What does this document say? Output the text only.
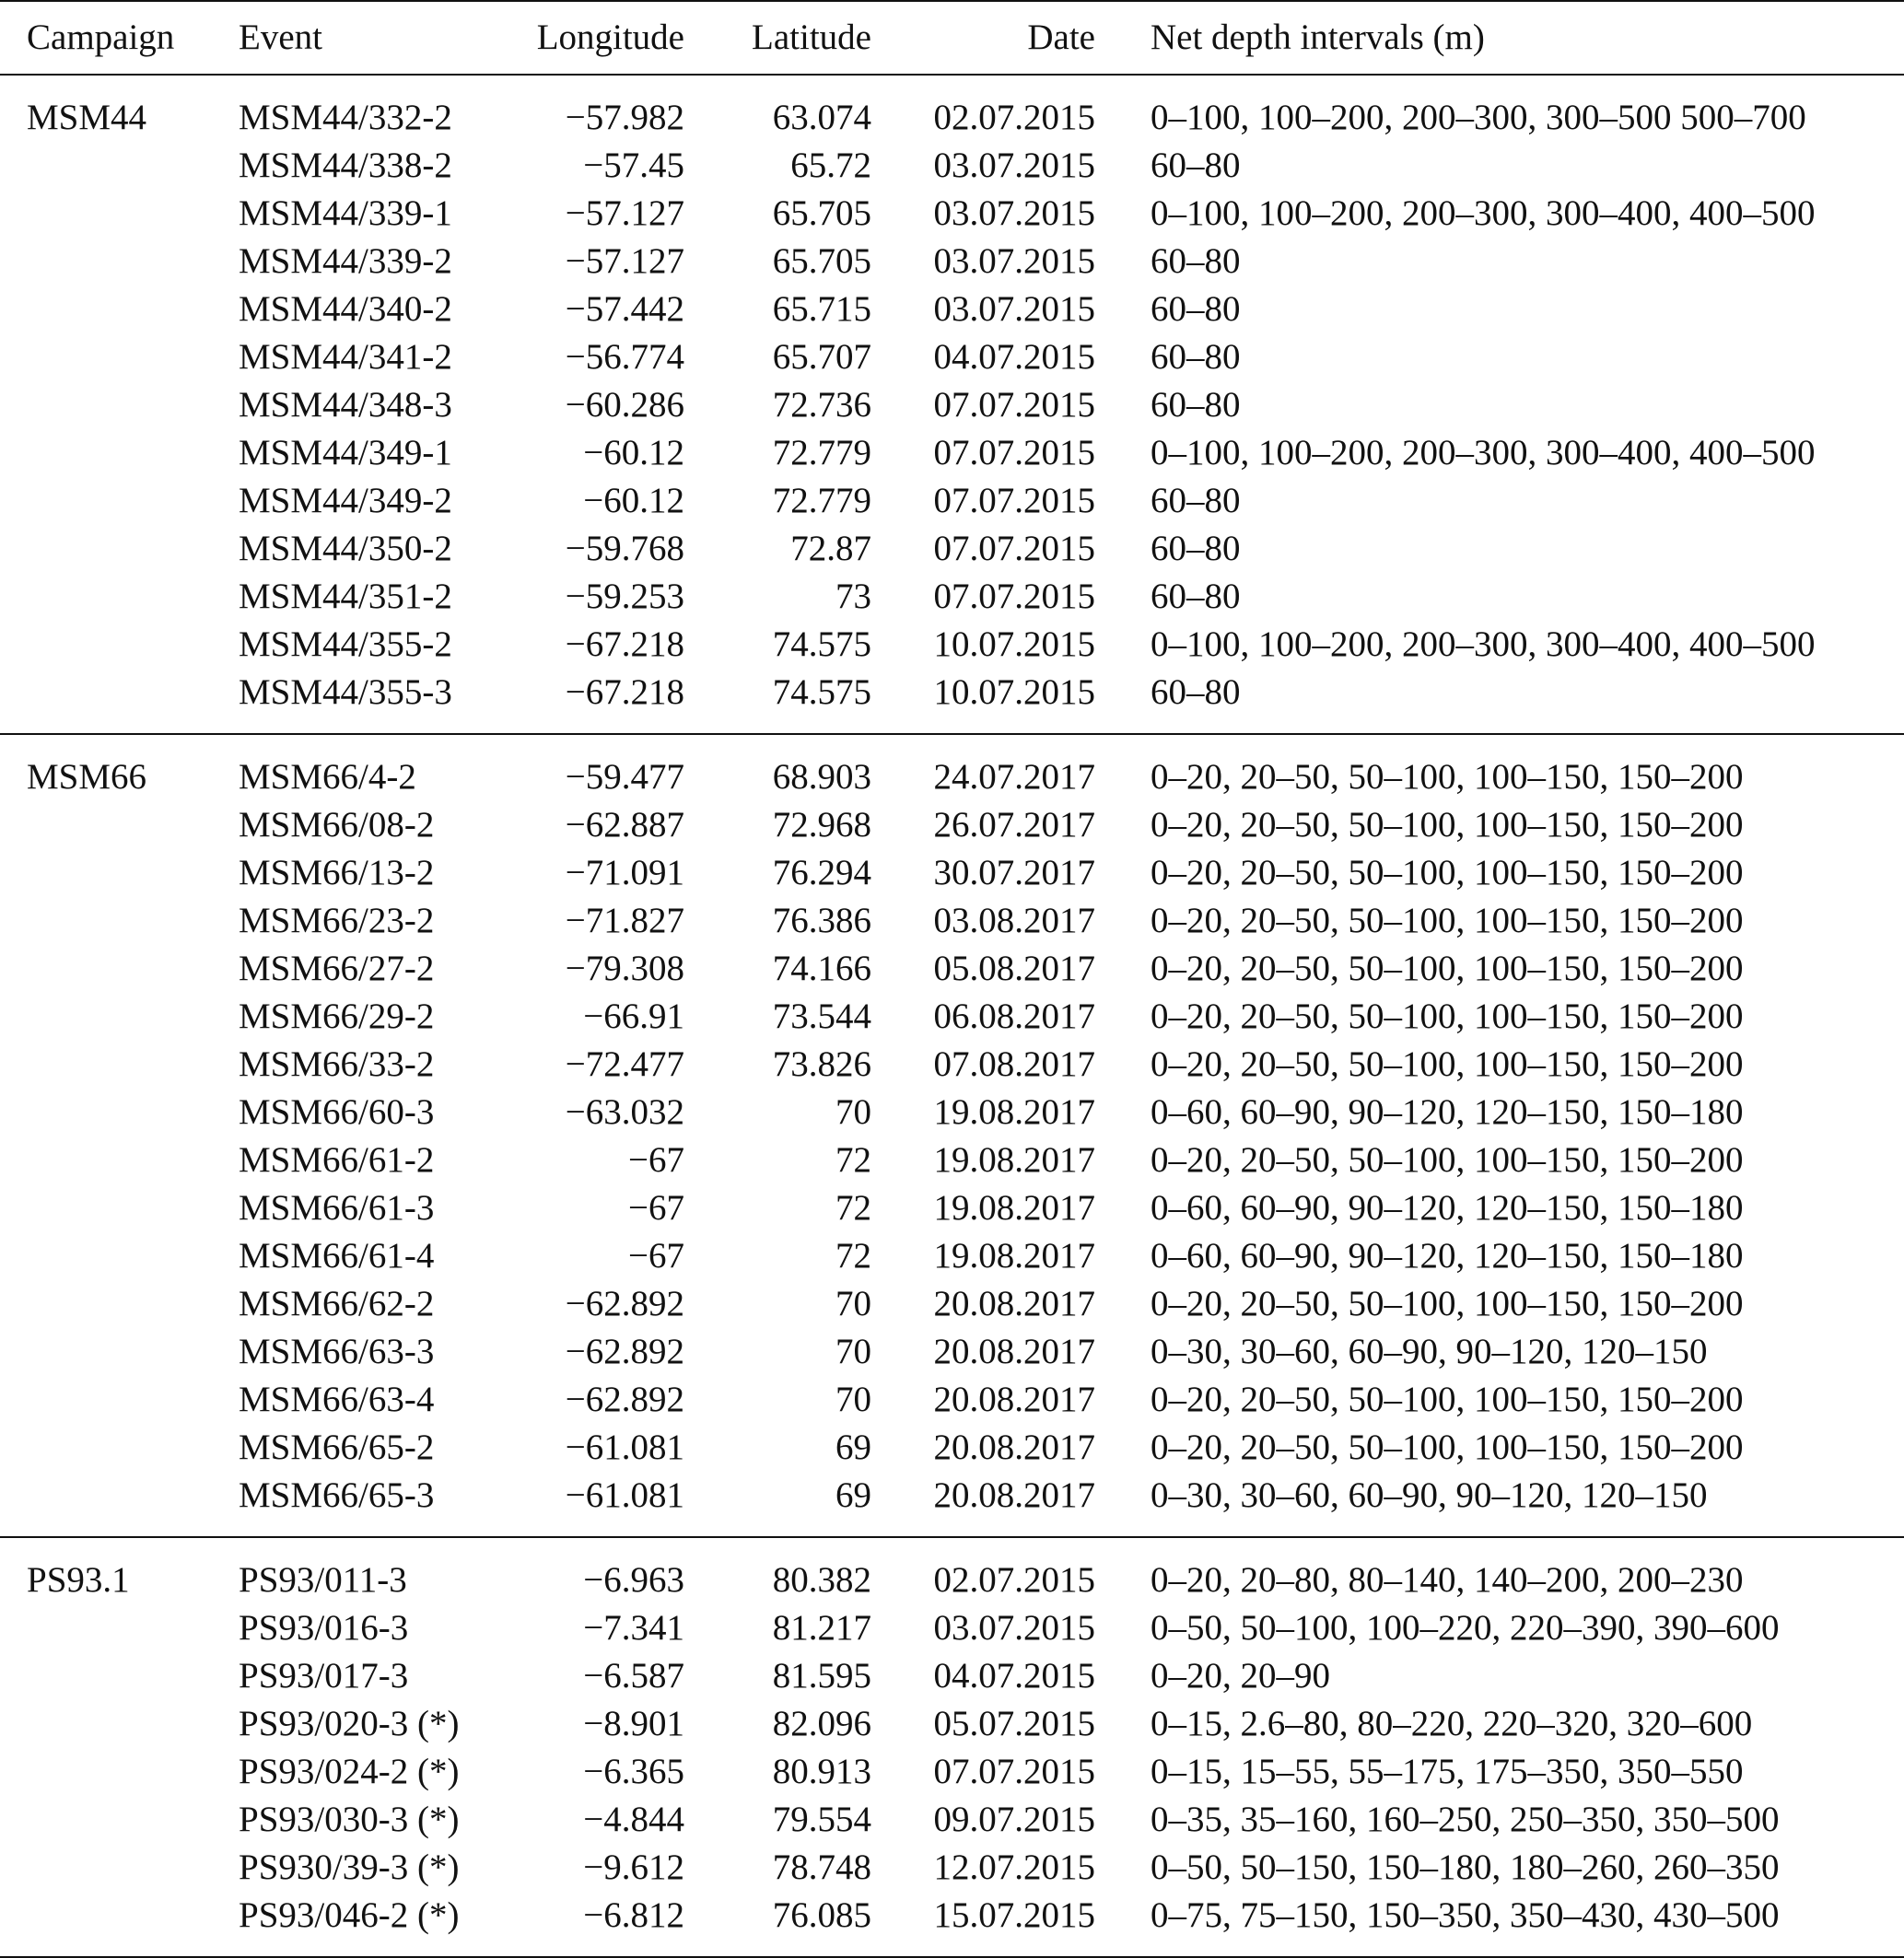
Campaign	Event	Longitude	Latitude	Date	Net depth intervals (m)
MSM44	MSM44/332-2	−57.982	63.074	02.07.2015	0–100, 100–200, 200–300, 300–500 500–700
	MSM44/338-2	−57.45	65.72	03.07.2015	60–80
	MSM44/339-1	−57.127	65.705	03.07.2015	0–100, 100–200, 200–300, 300–400, 400–500
	MSM44/339-2	−57.127	65.705	03.07.2015	60–80
	MSM44/340-2	−57.442	65.715	03.07.2015	60–80
	MSM44/341-2	−56.774	65.707	04.07.2015	60–80
	MSM44/348-3	−60.286	72.736	07.07.2015	60–80
	MSM44/349-1	−60.12	72.779	07.07.2015	0–100, 100–200, 200–300, 300–400, 400–500
	MSM44/349-2	−60.12	72.779	07.07.2015	60–80
	MSM44/350-2	−59.768	72.87	07.07.2015	60–80
	MSM44/351-2	−59.253	73	07.07.2015	60–80
	MSM44/355-2	−67.218	74.575	10.07.2015	0–100, 100–200, 200–300, 300–400, 400–500
	MSM44/355-3	−67.218	74.575	10.07.2015	60–80
MSM66	MSM66/4-2	−59.477	68.903	24.07.2017	0–20, 20–50, 50–100, 100–150, 150–200
	MSM66/08-2	−62.887	72.968	26.07.2017	0–20, 20–50, 50–100, 100–150, 150–200
	MSM66/13-2	−71.091	76.294	30.07.2017	0–20, 20–50, 50–100, 100–150, 150–200
	MSM66/23-2	−71.827	76.386	03.08.2017	0–20, 20–50, 50–100, 100–150, 150–200
	MSM66/27-2	−79.308	74.166	05.08.2017	0–20, 20–50, 50–100, 100–150, 150–200
	MSM66/29-2	−66.91	73.544	06.08.2017	0–20, 20–50, 50–100, 100–150, 150–200
	MSM66/33-2	−72.477	73.826	07.08.2017	0–20, 20–50, 50–100, 100–150, 150–200
	MSM66/60-3	−63.032	70	19.08.2017	0–60, 60–90, 90–120, 120–150, 150–180
	MSM66/61-2	−67	72	19.08.2017	0–20, 20–50, 50–100, 100–150, 150–200
	MSM66/61-3	−67	72	19.08.2017	0–60, 60–90, 90–120, 120–150, 150–180
	MSM66/61-4	−67	72	19.08.2017	0–60, 60–90, 90–120, 120–150, 150–180
	MSM66/62-2	−62.892	70	20.08.2017	0–20, 20–50, 50–100, 100–150, 150–200
	MSM66/63-3	−62.892	70	20.08.2017	0–30, 30–60, 60–90, 90–120, 120–150
	MSM66/63-4	−62.892	70	20.08.2017	0–20, 20–50, 50–100, 100–150, 150–200
	MSM66/65-2	−61.081	69	20.08.2017	0–20, 20–50, 50–100, 100–150, 150–200
	MSM66/65-3	−61.081	69	20.08.2017	0–30, 30–60, 60–90, 90–120, 120–150
PS93.1	PS93/011-3	−6.963	80.382	02.07.2015	0–20, 20–80, 80–140, 140–200, 200–230
	PS93/016-3	−7.341	81.217	03.07.2015	0–50, 50–100, 100–220, 220–390, 390–600
	PS93/017-3	−6.587	81.595	04.07.2015	0–20, 20–90
	PS93/020-3 (*)	−8.901	82.096	05.07.2015	0–15, 2.6–80, 80–220, 220–320, 320–600
	PS93/024-2 (*)	−6.365	80.913	07.07.2015	0–15, 15–55, 55–175, 175–350, 350–550
	PS93/030-3 (*)	−4.844	79.554	09.07.2015	0–35, 35–160, 160–250, 250–350, 350–500
	PS930/39-3 (*)	−9.612	78.748	12.07.2015	0–50, 50–150, 150–180, 180–260, 260–350
	PS93/046-2 (*)	−6.812	76.085	15.07.2015	0–75, 75–150, 150–350, 350–430, 430–500
